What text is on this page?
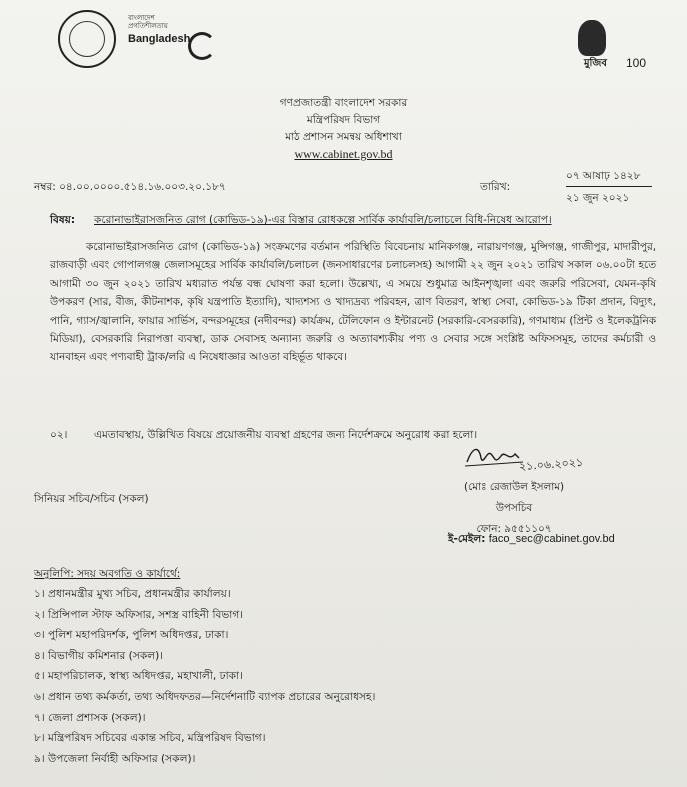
বাংলাদেশ
প্রগতিশীলতায়
Bangladesh
মুজিব 100
গণপ্রজাতন্ত্রী বাংলাদেশ সরকার
মন্ত্রিপরিষদ বিভাগ
মাঠ প্রশাসন সমন্বয় অধিশাখা
www.cabinet.gov.bd
নম্বর: ০৪.০০.০০০০.৫১৪.১৬.০০৩.২০.১৮৭	তারিখ:
০৭ আষাঢ় ১৪২৮
২১ জুন ২০২১
বিষয়: করোনাভাইরাসজনিত রোগ (কোভিড-১৯)-এর বিস্তার রোধকল্পে সার্বিক কার্যাবলি/চলাচলে বিধি-নিষেধ আরোপ।

করোনাভাইরাসজনিত রোগ (কোভিড-১৯) সংক্রমণের বর্তমান পরিস্থিতি বিবেচনায় মানিকগঞ্জ, নারায়ণগঞ্জ, মুন্সিগঞ্জ, গাজীপুর, মাদারীপুর, রাজবাড়ী এবং গোপালগঞ্জ জেলাসমূহের সার্বিক কার্যাবলি/চলাচল (জনসাধারণের চলাচলসহ) আগামী ২২ জুন ২০২১ তারিখ সকাল ০৬.০০টা হতে আগামী ৩০ জুন ২০২১ তারিখ মধ্যরাত পর্যন্ত বন্ধ ঘোষণা করা হলো। উল্লেখ্য, এ সময়ে শুধুমাত্র আইনশৃঙ্খলা এবং জরুরি পরিসেবা, যেমন-কৃষি উপকরণ (সার, বীজ, কীটনাশক, কৃষি যন্ত্রপাতি ইত্যাদি), খাদ্যশস্য ও খাদ্যদ্রব্য পরিবহন, ত্রাণ বিতরণ, স্বাস্থ্য সেবা, কোভিড-১৯ টিকা প্রদান, বিদ্যুৎ, পানি, গ্যাস/জ্বালানি, ফায়ার সার্ভিস, বন্দরসমূহের (নদীবন্দর) কার্যক্রম, টেলিফোন ও ইন্টারনেট (সরকারি-বেসরকারি), গণমাধ্যম (প্রিন্ট ও ইলেকট্রনিক মিডিয়া), বেসরকারি নিরাপত্তা ব্যবস্থা, ডাক সেবাসহ অন্যান্য জরুরি ও অত্যাবশ্যকীয় পণ্য ও সেবার সঙ্গে সংশ্লিষ্ট অফিসসমূহ, তাদের কর্মচারী ও যানবাহন এবং পণ্যবাহী ট্রাক/লরি এ নিষেধাজ্ঞার আওতা বহির্ভূত থাকবে।

০২।	এমতাবস্থায়, উল্লিখিত বিষয়ে প্রয়োজনীয় ব্যবস্থা গ্রহণের জন্য নির্দেশক্রমে অনুরোধ করা হলো।
২১.০৬.২০২১
(মোঃ রেজাউল ইসলাম)
উপসচিব
ফোন: ৯৫৫১১০৭
ই-মেইল: faco_sec@cabinet.gov.bd
সিনিয়র সচিব/সচিব (সকল)
অনুলিপি: সদয় অবগতি ও কার্যার্থে:
১। প্রধানমন্ত্রীর মুখ্য সচিব, প্রধানমন্ত্রীর কার্যালয়।
২। প্রিন্সিপাল স্টাফ অফিসার, সশস্ত্র বাহিনী বিভাগ।
৩। পুলিশ মহাপরিদর্শক, পুলিশ অধিদপ্তর, ঢাকা।
৪। বিভাগীয় কমিশনার (সকল)।
৫। মহাপরিচালক, স্বাস্থ্য অধিদপ্তর, মহাখালী, ঢাকা।
৬। প্রধান তথ্য কর্মকর্তা, তথ্য অধিদফতর—নির্দেশনাটি ব্যাপক প্রচারের অনুরোধসহ।
৭। জেলা প্রশাসক (সকল)।
৮। মন্ত্রিপরিষদ সচিবের একান্ত সচিব, মন্ত্রিপরিষদ বিভাগ।
৯। উপজেলা নির্বাহী অফিসার (সকল)।
